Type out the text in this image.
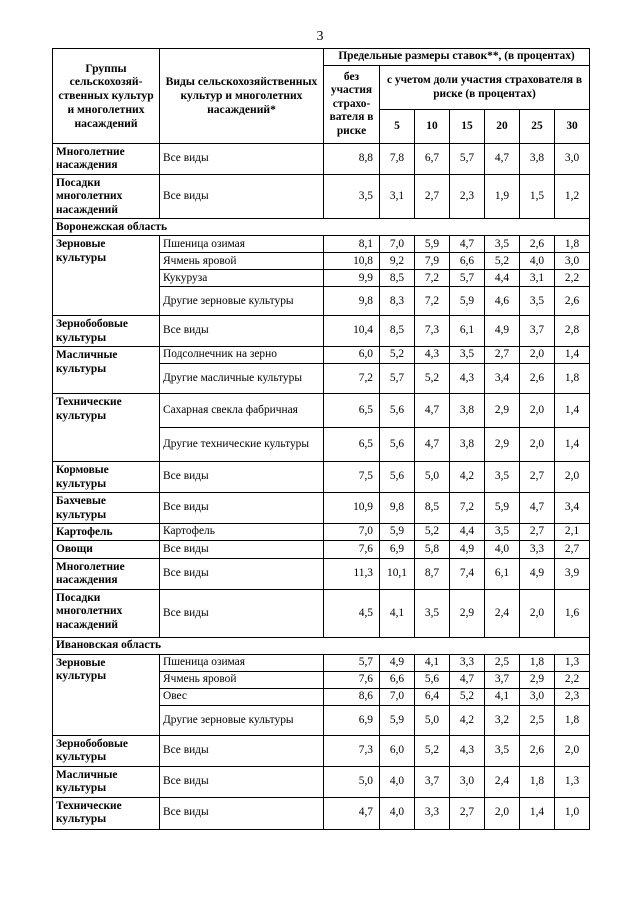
3
Группы сельскохозяй-ственных культур и многолетних насаждений	Виды сельскохозяйственных культур и многолетних насаждений*	Предельные размеры ставок**, (в процентах)						
		без участия страхо-вателя в риске	с учетом доли участия страхователя в риске (в процентах)					
			5	10	15	20	25	30
Многолетние насаждения	Все виды	8,8	7,8	6,7	5,7	4,7	3,8	3,0
Посадки многолетних насаждений	Все виды	3,5	3,1	2,7	2,3	1,9	1,5	1,2
Воронежская область								
Зерновые культуры	Пшеница озимая	8,1	7,0	5,9	4,7	3,5	2,6	1,8
	Ячмень яровой	10,8	9,2	7,9	6,6	5,2	4,0	3,0
	Кукуруза	9,9	8,5	7,2	5,7	4,4	3,1	2,2
	Другие зерновые культуры	9,8	8,3	7,2	5,9	4,6	3,5	2,6
Зернобобовые культуры	Все виды	10,4	8,5	7,3	6,1	4,9	3,7	2,8
Масличные культуры	Подсолнечник на зерно	6,0	5,2	4,3	3,5	2,7	2,0	1,4
	Другие масличные культуры	7,2	5,7	5,2	4,3	3,4	2,6	1,8
Технические культуры	Сахарная свекла фабричная	6,5	5,6	4,7	3,8	2,9	2,0	1,4
	Другие технические культуры	6,5	5,6	4,7	3,8	2,9	2,0	1,4
Кормовые культуры	Все виды	7,5	5,6	5,0	4,2	3,5	2,7	2,0
Бахчевые культуры	Все виды	10,9	9,8	8,5	7,2	5,9	4,7	3,4
Картофель	Картофель	7,0	5,9	5,2	4,4	3,5	2,7	2,1
Овощи	Все виды	7,6	6,9	5,8	4,9	4,0	3,3	2,7
Многолетние насаждения	Все виды	11,3	10,1	8,7	7,4	6,1	4,9	3,9
Посадки многолетних насаждений	Все виды	4,5	4,1	3,5	2,9	2,4	2,0	1,6
Ивановская область								
Зерновые культуры	Пшеница озимая	5,7	4,9	4,1	3,3	2,5	1,8	1,3
	Ячмень яровой	7,6	6,6	5,6	4,7	3,7	2,9	2,2
	Овес	8,6	7,0	6,4	5,2	4,1	3,0	2,3
	Другие зерновые культуры	6,9	5,9	5,0	4,2	3,2	2,5	1,8
Зернобобовые культуры	Все виды	7,3	6,0	5,2	4,3	3,5	2,6	2,0
Масличные культуры	Все виды	5,0	4,0	3,7	3,0	2,4	1,8	1,3
Технические культуры	Все виды	4,7	4,0	3,3	2,7	2,0	1,4	1,0
